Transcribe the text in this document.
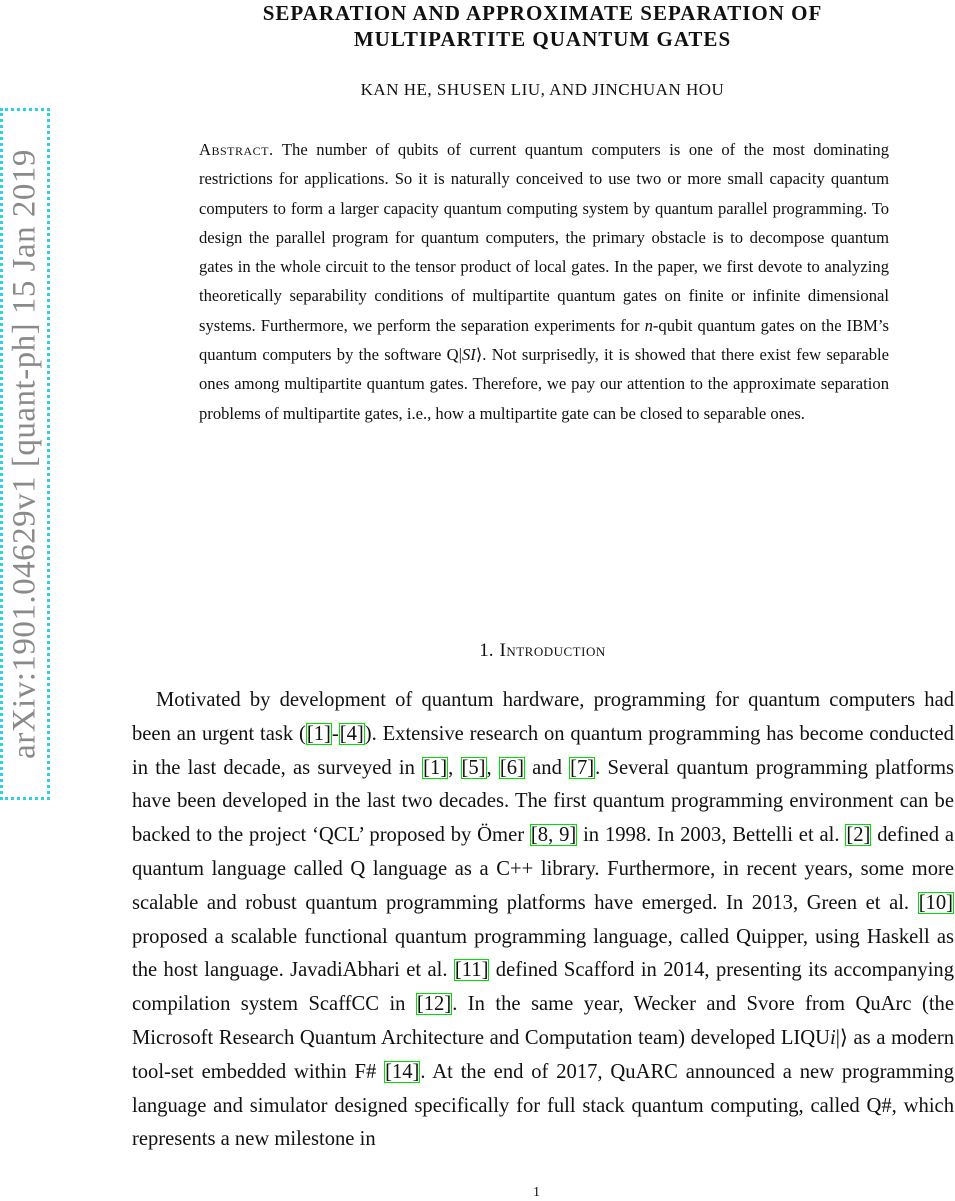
arXiv:1901.04629v1 [quant-ph] 15 Jan 2019
SEPARATION AND APPROXIMATE SEPARATION OF
MULTIPARTITE QUANTUM GATES
KAN HE, SHUSEN LIU, AND JINCHUAN HOU
Abstract. The number of qubits of current quantum computers is one of the most dominating restrictions for applications. So it is naturally conceived to use two or more small capacity quantum computers to form a larger capacity quantum computing system by quantum parallel programming. To design the parallel program for quantum computers, the primary obstacle is to decompose quantum gates in the whole circuit to the tensor product of local gates. In the paper, we first devote to analyzing theoretically separability conditions of multipartite quantum gates on finite or infinite dimensional systems. Furthermore, we perform the separation experiments for n-qubit quantum gates on the IBM’s quantum computers by the software Q|SI⟩. Not surprisedly, it is showed that there exist few separable ones among multipartite quantum gates. Therefore, we pay our attention to the approximate separation problems of multipartite gates, i.e., how a multipartite gate can be closed to separable ones.
1. Introduction
Motivated by development of quantum hardware, programming for quantum computers had been an urgent task ([1]-[4]). Extensive research on quantum programming has become conducted in the last decade, as surveyed in [1], [5], [6] and [7]. Several quantum programming platforms have been developed in the last two decades. The first quantum programming environment can be backed to the project ‘QCL’ proposed by Ömer [8, 9] in 1998. In 2003, Bettelli et al. [2] defined a quantum language called Q language as a C++ library. Furthermore, in recent years, some more scalable and robust quantum programming platforms have emerged. In 2013, Green et al. [10] proposed a scalable functional quantum programming language, called Quipper, using Haskell as the host language. JavadiAbhari et al. [11] defined Scafford in 2014, presenting its accompanying compilation system ScaffCC in [12]. In the same year, Wecker and Svore from QuArc (the Microsoft Research Quantum Architecture and Computation team) developed LIQUi|⟩ as a modern tool-set embedded within F# [14]. At the end of 2017, QuARC announced a new programming language and simulator designed specifically for full stack quantum computing, called Q#, which represents a new milestone in
1
